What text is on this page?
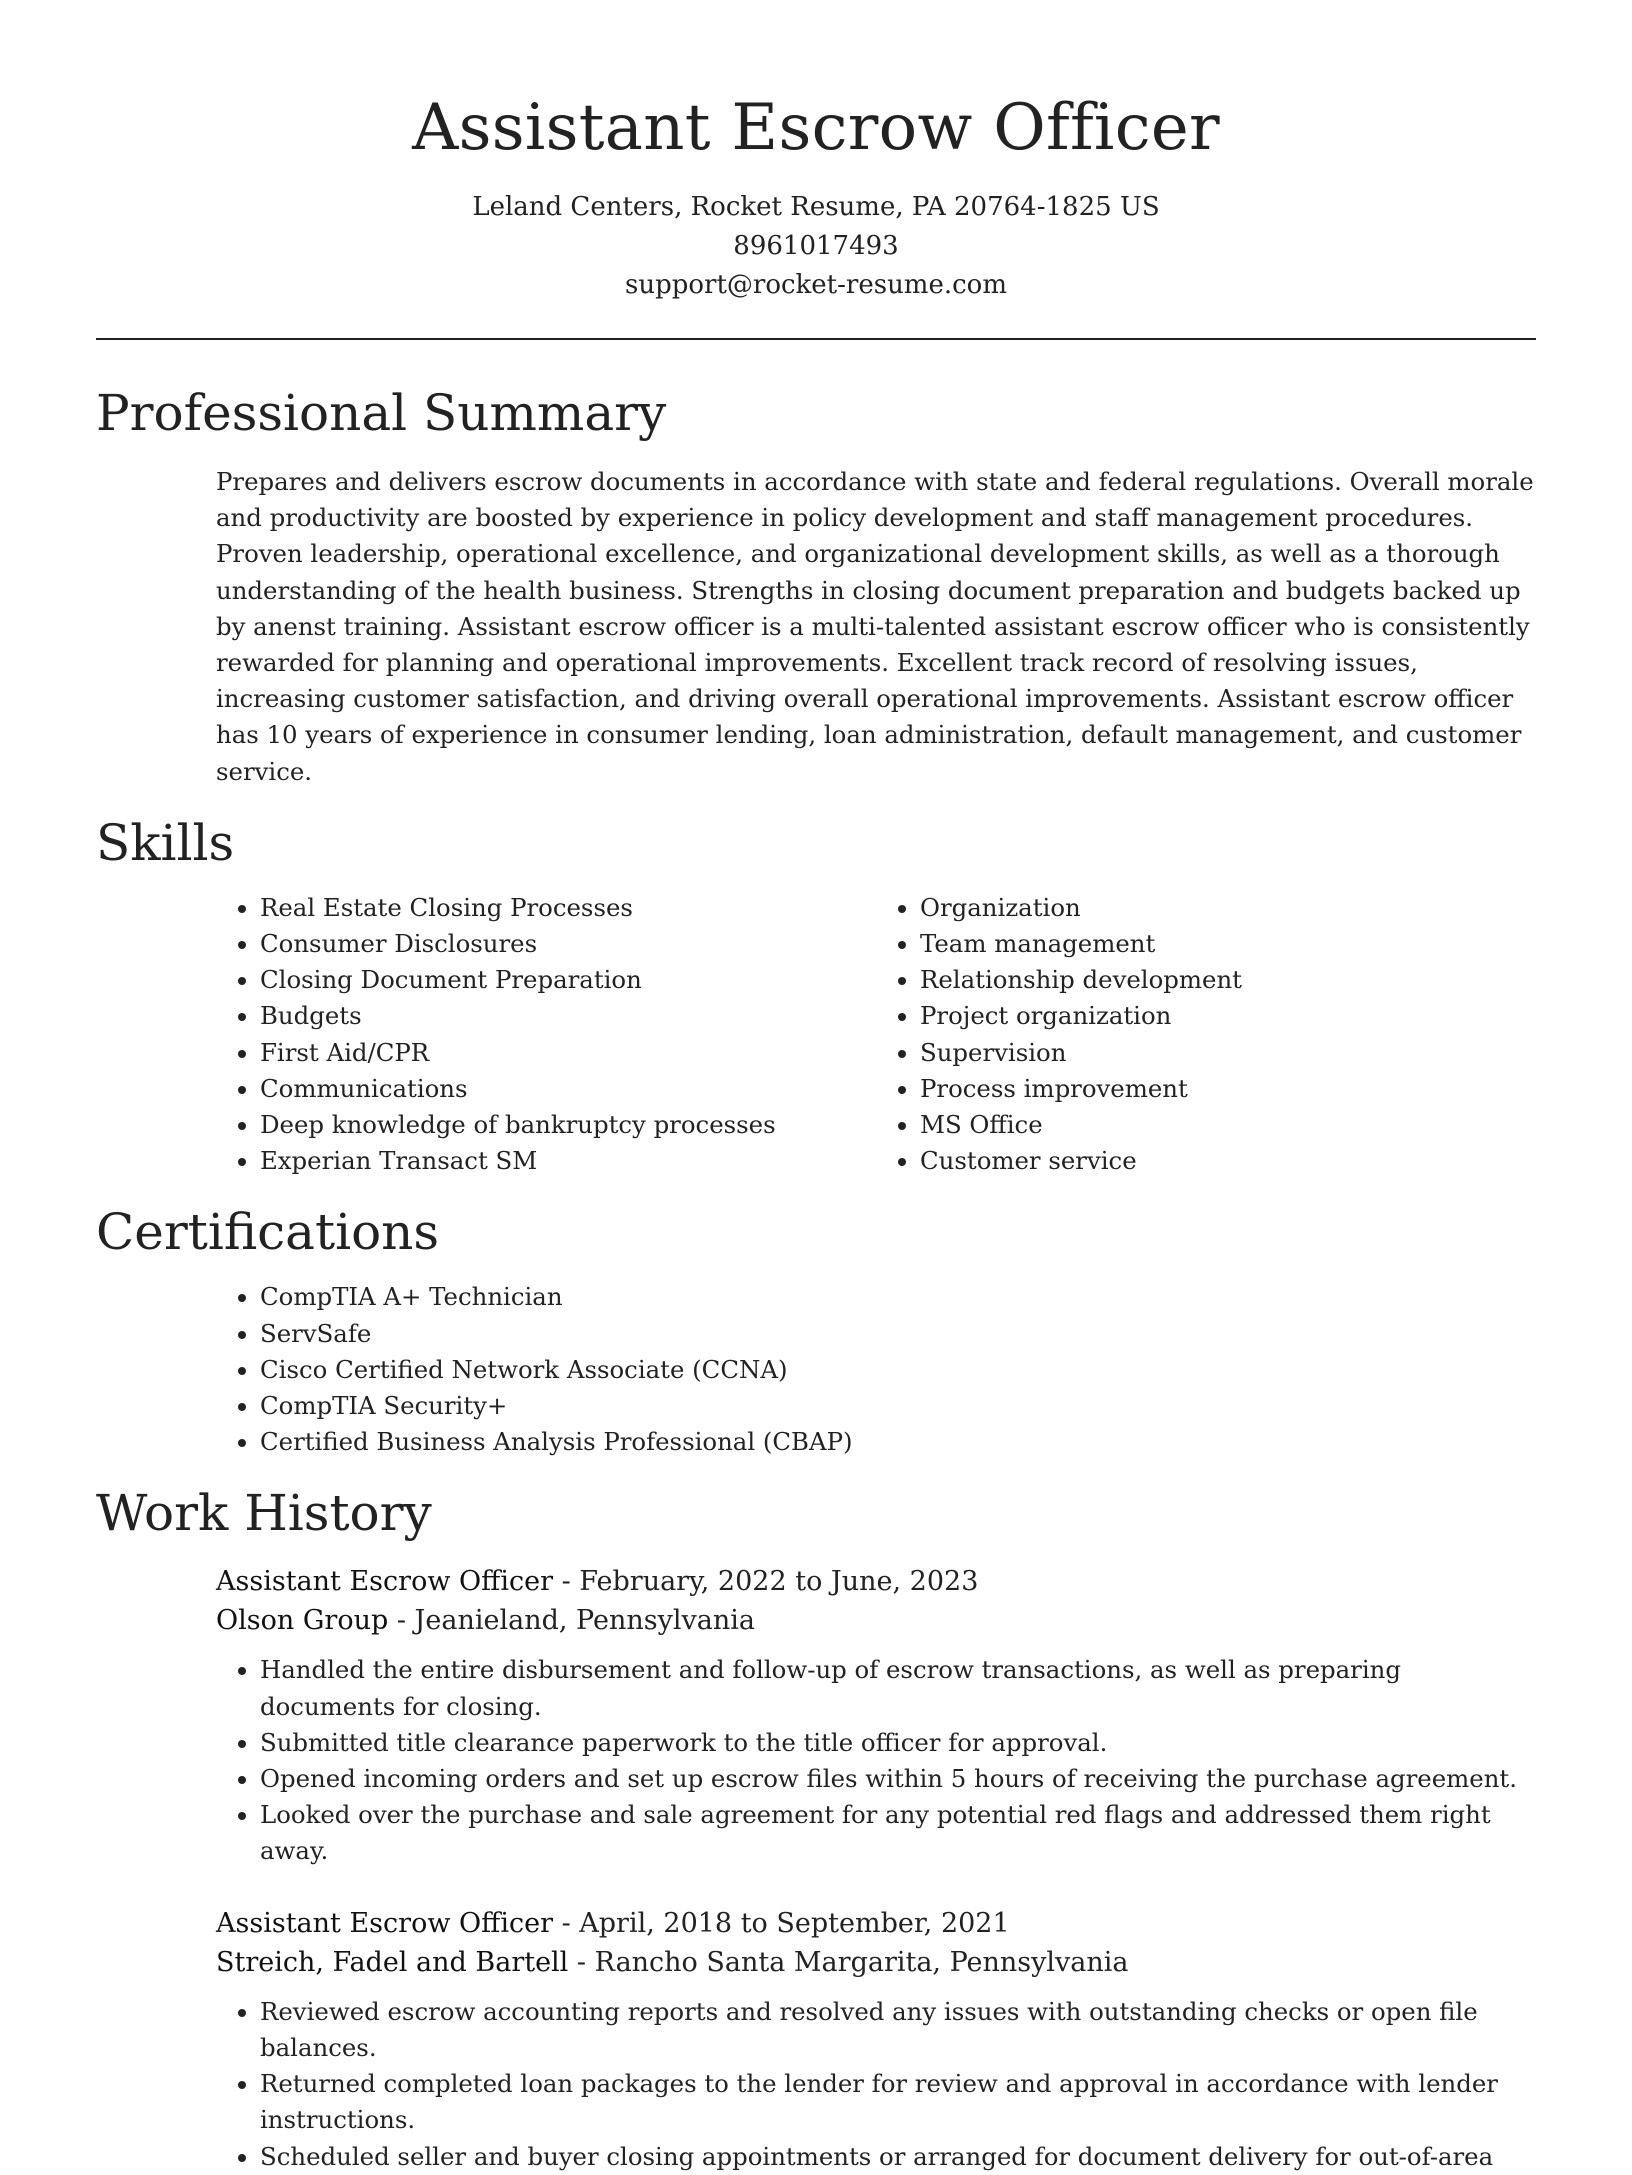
Assistant Escrow Officer
Leland Centers, Rocket Resume, PA 20764-1825 US
8961017493
support@rocket-resume.com
Professional Summary

Prepares and delivers escrow documents in accordance with state and federal regulations. Overall morale and productivity are boosted by experience in policy development and staff management procedures. Proven leadership, operational excellence, and organizational development skills, as well as a thorough understanding of the health business. Strengths in closing document preparation and budgets backed up by anenst training. Assistant escrow officer is a multi-talented assistant escrow officer who is consistently rewarded for planning and operational improvements. Excellent track record of resolving issues, increasing customer satisfaction, and driving overall operational improvements. Assistant escrow officer has 10 years of experience in consumer lending, loan administration, default management, and customer service.

Skills
• Real Estate Closing Processes
• Consumer Disclosures
• Closing Document Preparation
• Budgets
• First Aid/CPR
• Communications
• Deep knowledge of bankruptcy processes
• Experian Transact SM
• Organization
• Team management
• Relationship development
• Project organization
• Supervision
• Process improvement
• MS Office
• Customer service
Certifications
• CompTIA A+ Technician
• ServSafe
• Cisco Certified Network Associate (CCNA)
• CompTIA Security+
• Certified Business Analysis Professional (CBAP)
Work History
Assistant Escrow Officer - February, 2022 to June, 2023
Olson Group - Jeanieland, Pennsylvania
• Handled the entire disbursement and follow-up of escrow transactions, as well as preparing documents for closing.
• Submitted title clearance paperwork to the title officer for approval.
• Opened incoming orders and set up escrow files within 5 hours of receiving the purchase agreement.
• Looked over the purchase and sale agreement for any potential red flags and addressed them right away.
Assistant Escrow Officer - April, 2018 to September, 2021
Streich, Fadel and Bartell - Rancho Santa Margarita, Pennsylvania
• Reviewed escrow accounting reports and resolved any issues with outstanding checks or open file balances.
• Returned completed loan packages to the lender for review and approval in accordance with lender instructions.
• Scheduled seller and buyer closing appointments or arranged for document delivery for out-of-area
